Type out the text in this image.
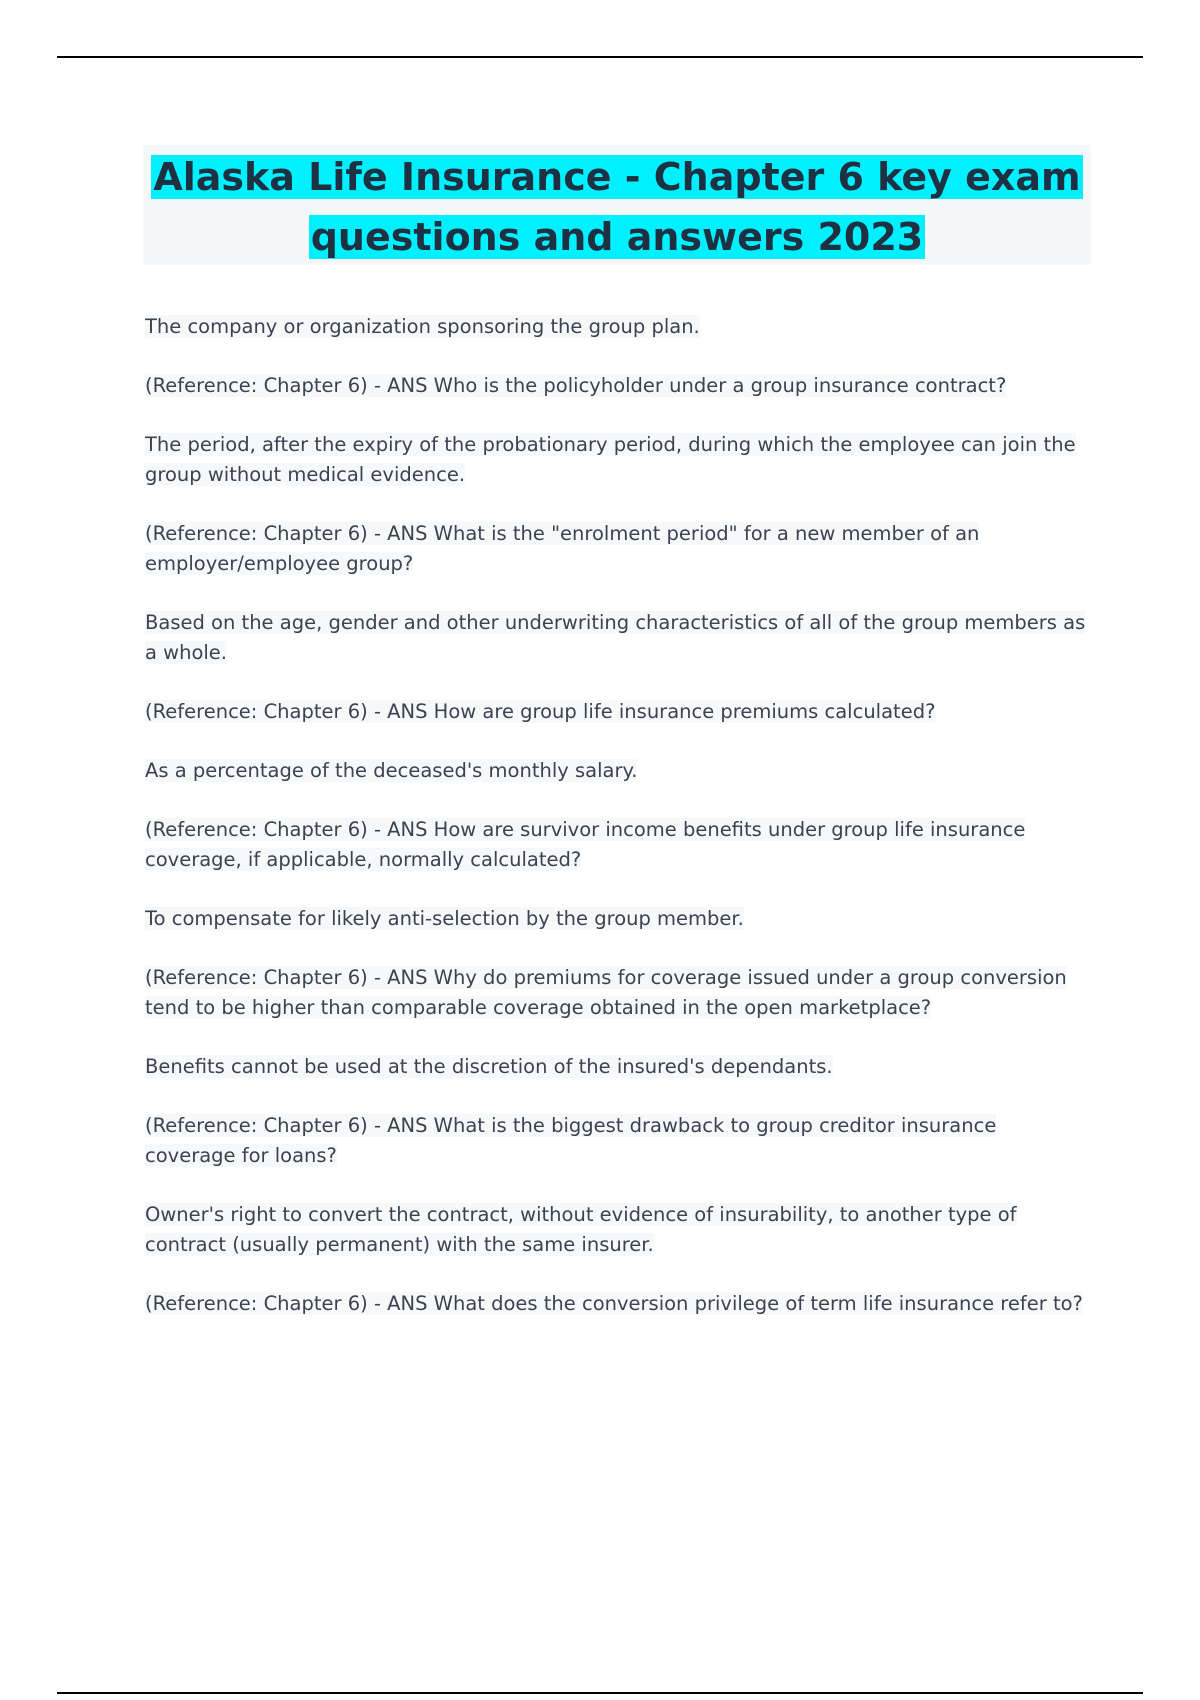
Alaska Life Insurance - Chapter 6 key exam
questions and answers 2023

The company or organization sponsoring the group plan.

(Reference: Chapter 6) - ANS Who is the policyholder under a group insurance contract?

The period, after the expiry of the probationary period, during which the employee can join the group without medical evidence.

(Reference: Chapter 6) - ANS What is the "enrolment period" for a new member of an employer/employee group?

Based on the age, gender and other underwriting characteristics of all of the group members as a whole.

(Reference: Chapter 6) - ANS How are group life insurance premiums calculated?

As a percentage of the deceased's monthly salary.

(Reference: Chapter 6) - ANS How are survivor income benefits under group life insurance coverage, if applicable, normally calculated?

To compensate for likely anti-selection by the group member.

(Reference: Chapter 6) - ANS Why do premiums for coverage issued under a group conversion tend to be higher than comparable coverage obtained in the open marketplace?

Benefits cannot be used at the discretion of the insured's dependants.

(Reference: Chapter 6) - ANS What is the biggest drawback to group creditor insurance coverage for loans?

Owner's right to convert the contract, without evidence of insurability, to another type of contract (usually permanent) with the same insurer.

(Reference: Chapter 6) - ANS What does the conversion privilege of term life insurance refer to?
